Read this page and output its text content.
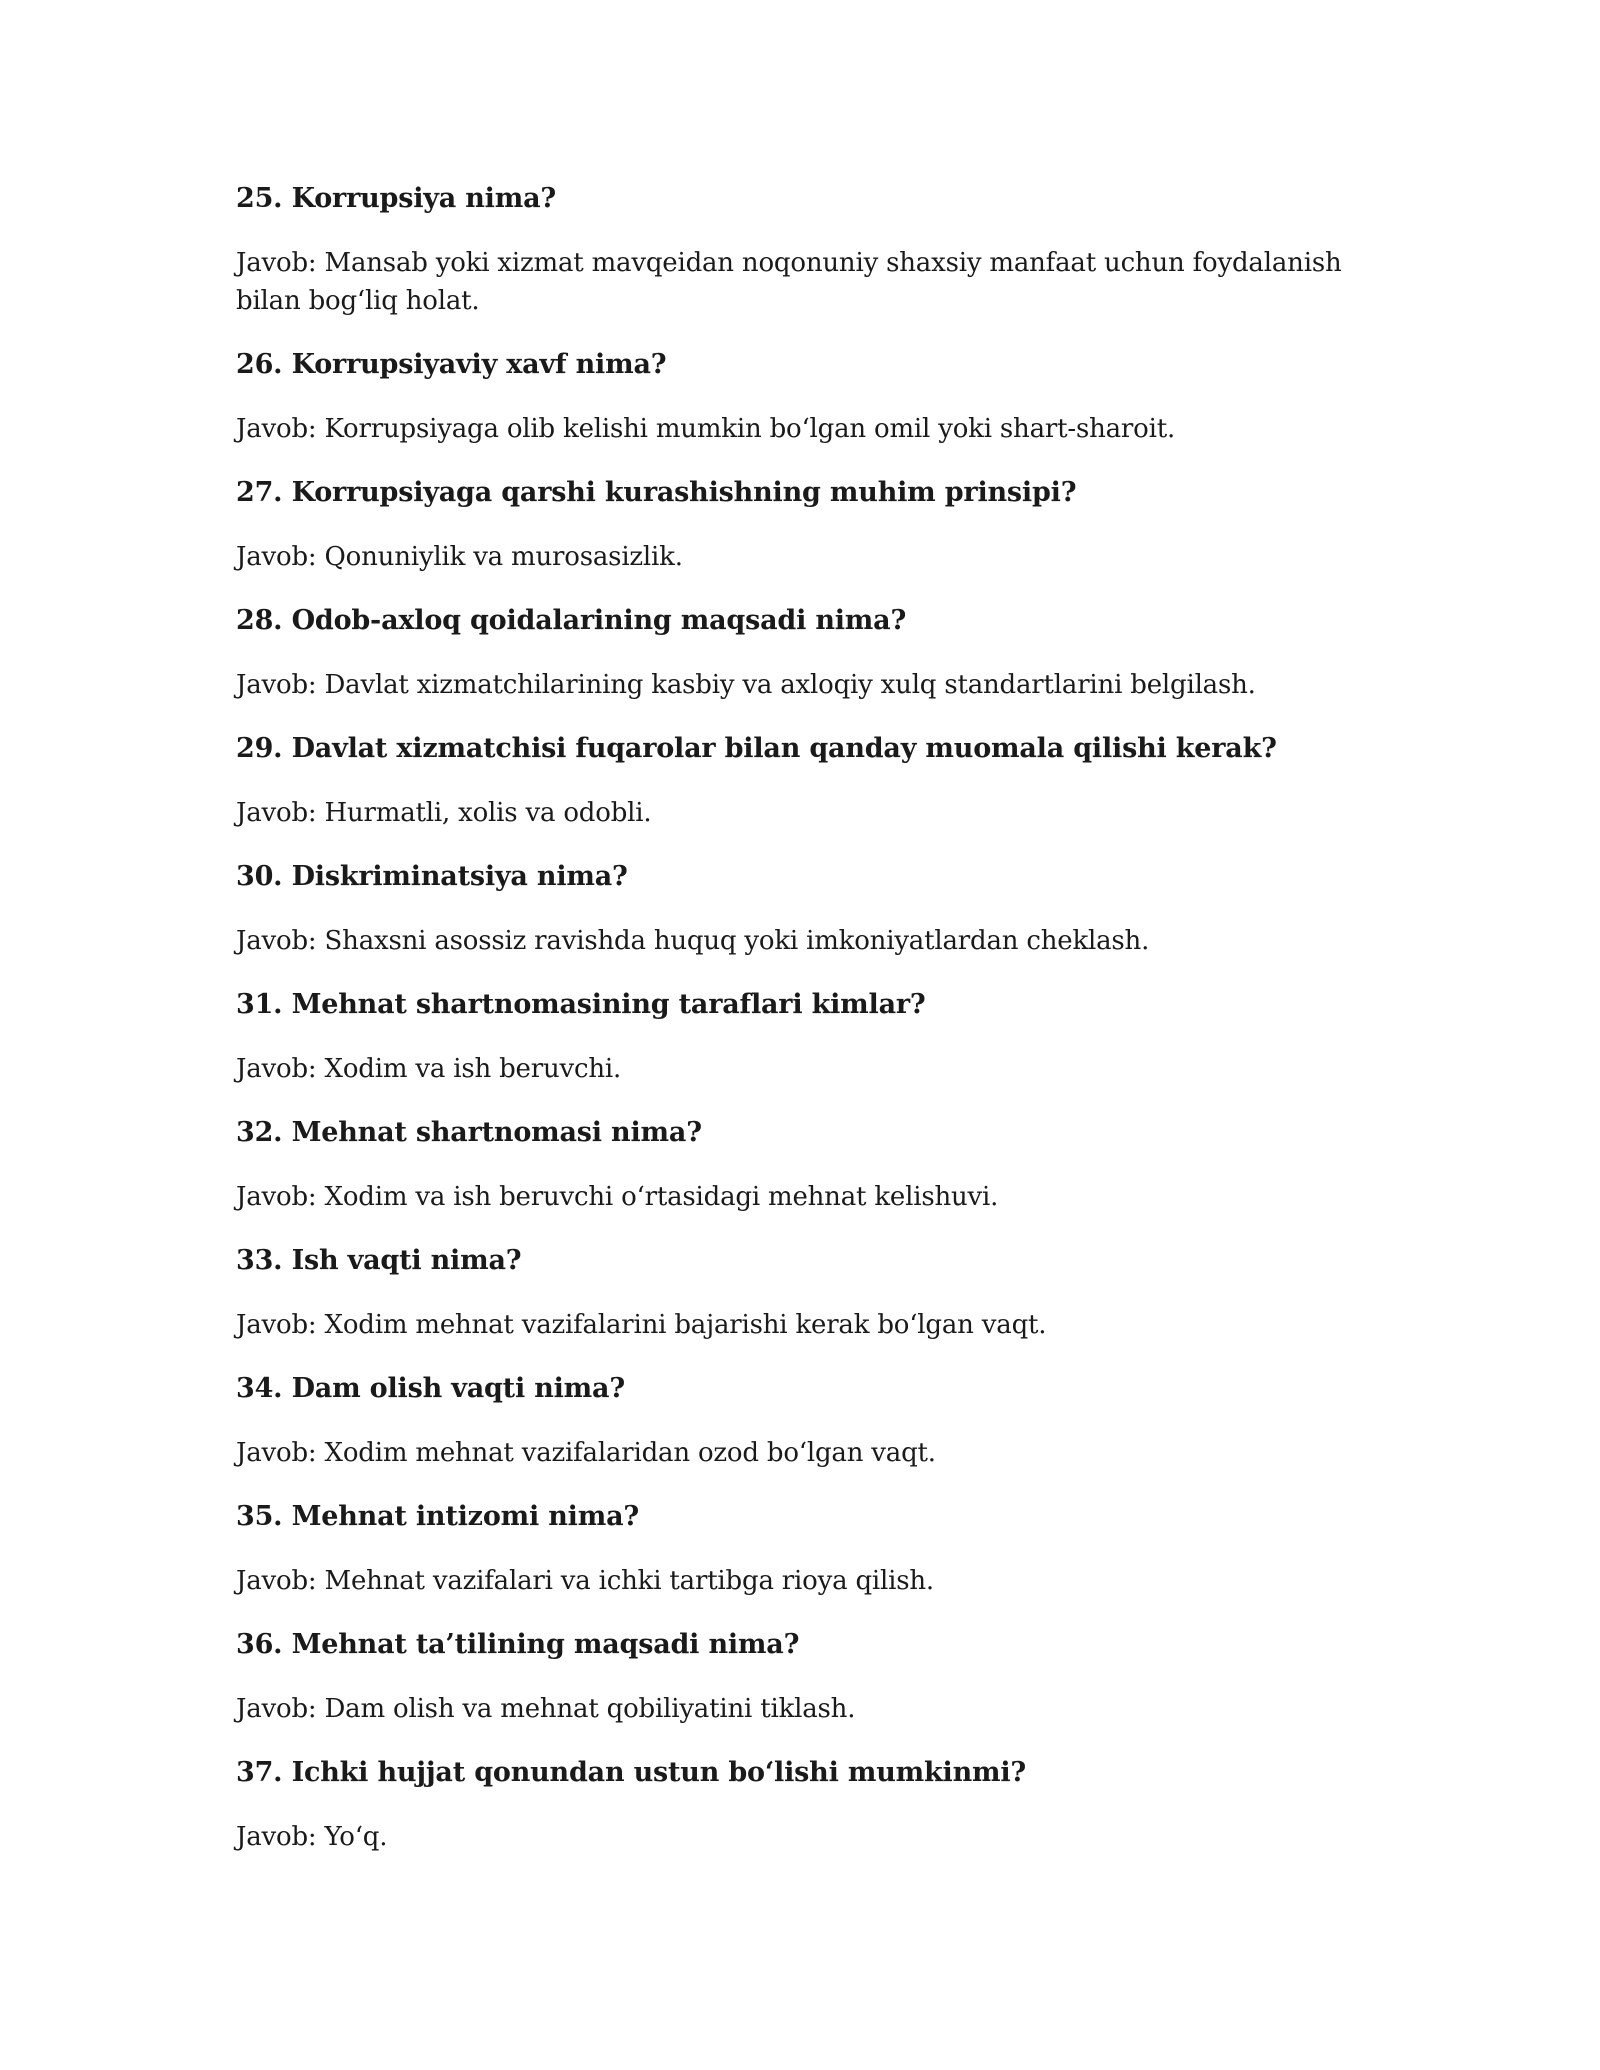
25. Korrupsiya nima?

Javob: Mansab yoki xizmat mavqeidan noqonuniy shaxsiy manfaat uchun foydalanish bilan bog‘liq holat.

26. Korrupsiyaviy xavf nima?

Javob: Korrupsiyaga olib kelishi mumkin bo‘lgan omil yoki shart-sharoit.

27. Korrupsiyaga qarshi kurashishning muhim prinsipi?

Javob: Qonuniylik va murosasizlik.

28. Odob-axloq qoidalarining maqsadi nima?

Javob: Davlat xizmatchilarining kasbiy va axloqiy xulq standartlarini belgilash.

29. Davlat xizmatchisi fuqarolar bilan qanday muomala qilishi kerak?

Javob: Hurmatli, xolis va odobli.

30. Diskriminatsiya nima?

Javob: Shaxsni asossiz ravishda huquq yoki imkoniyatlardan cheklash.

31. Mehnat shartnomasining taraflari kimlar?

Javob: Xodim va ish beruvchi.

32. Mehnat shartnomasi nima?

Javob: Xodim va ish beruvchi o‘rtasidagi mehnat kelishuvi.

33. Ish vaqti nima?

Javob: Xodim mehnat vazifalarini bajarishi kerak bo‘lgan vaqt.

34. Dam olish vaqti nima?

Javob: Xodim mehnat vazifalaridan ozod bo‘lgan vaqt.

35. Mehnat intizomi nima?

Javob: Mehnat vazifalari va ichki tartibga rioya qilish.

36. Mehnat ta’tilining maqsadi nima?

Javob: Dam olish va mehnat qobiliyatini tiklash.

37. Ichki hujjat qonundan ustun bo‘lishi mumkinmi?

Javob: Yo‘q.
